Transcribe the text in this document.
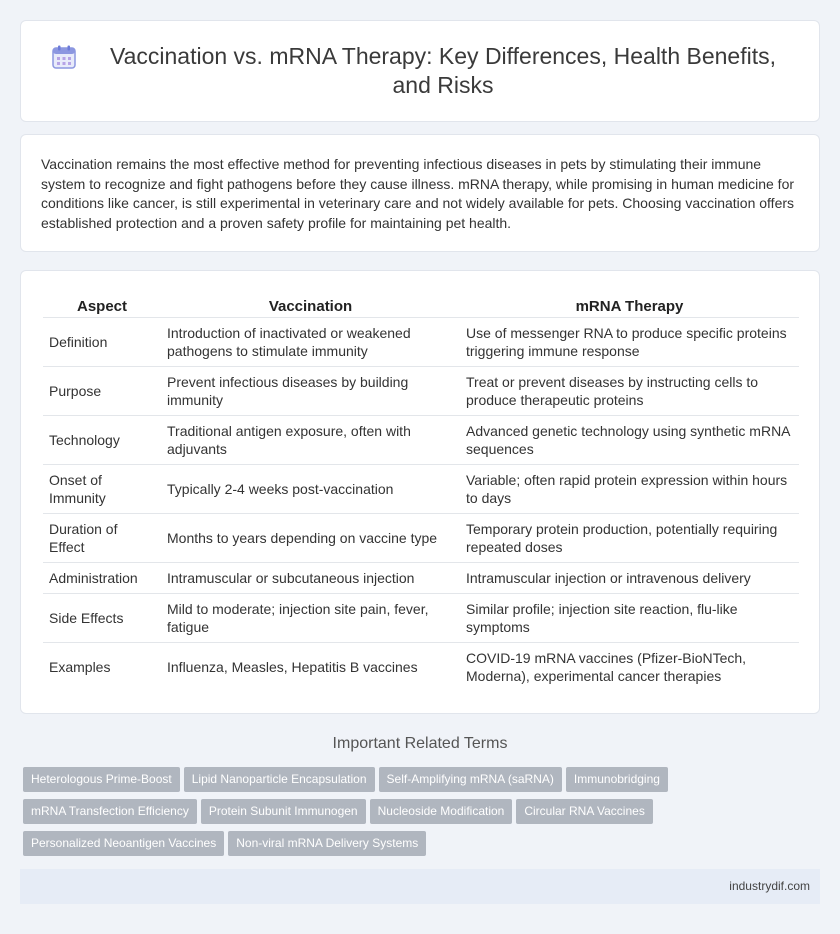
Vaccination vs. mRNA Therapy: Key Differences, Health Benefits, and Risks

Vaccination remains the most effective method for preventing infectious diseases in pets by stimulating their immune system to recognize and fight pathogens before they cause illness. mRNA therapy, while promising in human medicine for conditions like cancer, is still experimental in veterinary care and not widely available for pets. Choosing vaccination offers established protection and a proven safety profile for maintaining pet health.

Aspect	Vaccination	mRNA Therapy
Definition	Introduction of inactivated or weakened pathogens to stimulate immunity	Use of messenger RNA to produce specific proteins triggering immune response
Purpose	Prevent infectious diseases by building immunity	Treat or prevent diseases by instructing cells to produce therapeutic proteins
Technology	Traditional antigen exposure, often with adjuvants	Advanced genetic technology using synthetic mRNA sequences
Onset of Immunity	Typically 2-4 weeks post-vaccination	Variable; often rapid protein expression within hours to days
Duration of Effect	Months to years depending on vaccine type	Temporary protein production, potentially requiring repeated doses
Administration	Intramuscular or subcutaneous injection	Intramuscular injection or intravenous delivery
Side Effects	Mild to moderate; injection site pain, fever, fatigue	Similar profile; injection site reaction, flu-like symptoms
Examples	Influenza, Measles, Hepatitis B vaccines	COVID-19 mRNA vaccines (Pfizer-BioNTech, Moderna), experimental cancer therapies
Important Related Terms
Heterologous Prime-Boost Lipid Nanoparticle Encapsulation Self-Amplifying mRNA (saRNA) Immunobridging
mRNA Transfection Efficiency Protein Subunit Immunogen Nucleoside Modification Circular RNA Vaccines
Personalized Neoantigen Vaccines Non-viral mRNA Delivery Systems
industrydif.com
